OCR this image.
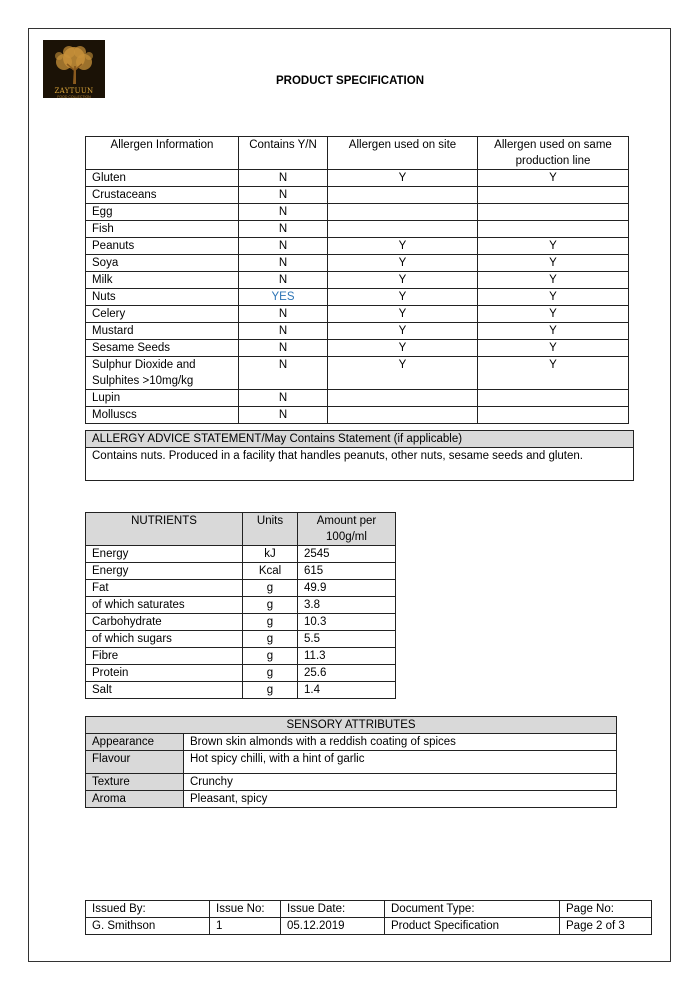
ZAYTUUN
FOOD COLLECTION
PRODUCT SPECIFICATION
Allergen Information	Contains Y/N	Allergen used on site	Allergen used on same production line
Gluten	N	Y	Y
Crustaceans	N		
Egg	N		
Fish	N		
Peanuts	N	Y	Y
Soya	N	Y	Y
Milk	N	Y	Y
Nuts	YES	Y	Y
Celery	N	Y	Y
Mustard	N	Y	Y
Sesame Seeds	N	Y	Y
Sulphur Dioxide and Sulphites >10mg/kg	N	Y	Y
Lupin	N		
Molluscs	N		
ALLERGY ADVICE STATEMENT/May Contains Statement (if applicable)
Contains nuts. Produced in a facility that handles peanuts, other nuts, sesame seeds and gluten.
NUTRIENTS	Units	Amount per 100g/ml
Energy	kJ	2545
Energy	Kcal	615
Fat	g	49.9
of which saturates	g	3.8
Carbohydrate	g	10.3
of which sugars	g	5.5
Fibre	g	11.3
Protein	g	25.6
Salt	g	1.4
SENSORY ATTRIBUTES	
Appearance	Brown skin almonds with a reddish coating of spices
Flavour	Hot spicy chilli, with a hint of garlic
Texture	Crunchy
Aroma	Pleasant, spicy
Issued By:	Issue No:	Issue Date:	Document Type:	Page No:
G. Smithson	1	05.12.2019	Product Specification	Page 2 of 3
